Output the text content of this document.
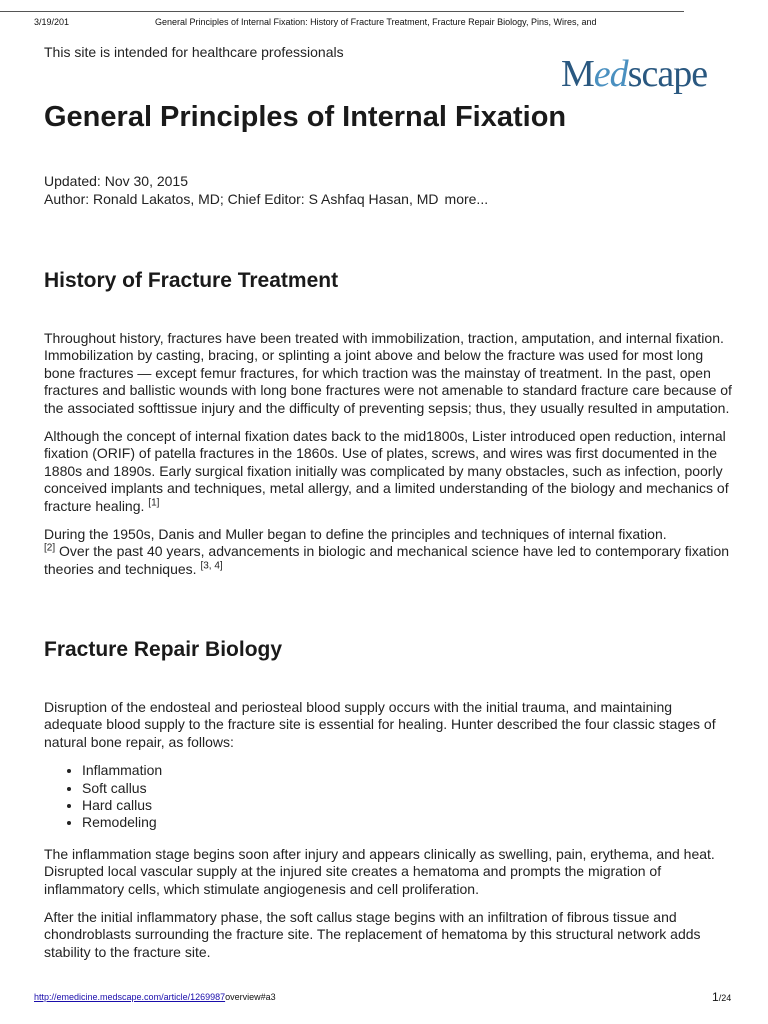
3/19/201	General Principles of Internal Fixation: History of Fracture Treatment, Fracture Repair Biology, Pins, Wires, and
This site is intended for healthcare professionals
Medscape
General Principles of Internal Fixation
Updated: Nov 30, 2015
Author: Ronald Lakatos, MD; Chief Editor: S Ashfaq Hasan, MD more...
History of Fracture Treatment

Throughout history, fractures have been treated with immobilization, traction, amputation, and internal fixation. Immobilization by casting, bracing, or splinting a joint above and below the fracture was used for most long bone fractures — except femur fractures, for which traction was the mainstay of treatment. In the past, open fractures and ballistic wounds with long bone fractures were not amenable to standard fracture care because of the associated softtissue injury and the difficulty of preventing sepsis; thus, they usually resulted in amputation.

Although the concept of internal fixation dates back to the mid1800s, Lister introduced open reduction, internal fixation (ORIF) of patella fractures in the 1860s. Use of plates, screws, and wires was first documented in the 1880s and 1890s. Early surgical fixation initially was complicated by many obstacles, such as infection, poorly conceived implants and techniques, metal allergy, and a limited understanding of the biology and mechanics of fracture healing. [1]

During the 1950s, Danis and Muller began to define the principles and techniques of internal fixation.
[2] Over the past 40 years, advancements in biologic and mechanical science have led to contemporary fixation theories and techniques. [3, 4]

Fracture Repair Biology

Disruption of the endosteal and periosteal blood supply occurs with the initial trauma, and maintaining adequate blood supply to the fracture site is essential for healing. Hunter described the four classic stages of natural bone repair, as follows:

• Inflammation
• Soft callus
• Hard callus
• Remodeling

The inflammation stage begins soon after injury and appears clinically as swelling, pain, erythema, and heat. Disrupted local vascular supply at the injured site creates a hematoma and prompts the migration of inflammatory cells, which stimulate angiogenesis and cell proliferation.

After the initial inflammatory phase, the soft callus stage begins with an infiltration of fibrous tissue and chondroblasts surrounding the fracture site. The replacement of hematoma by this structural network adds stability to the fracture site.

http://emedicine.medscape.com/article/1269987overview#a3	1/24
